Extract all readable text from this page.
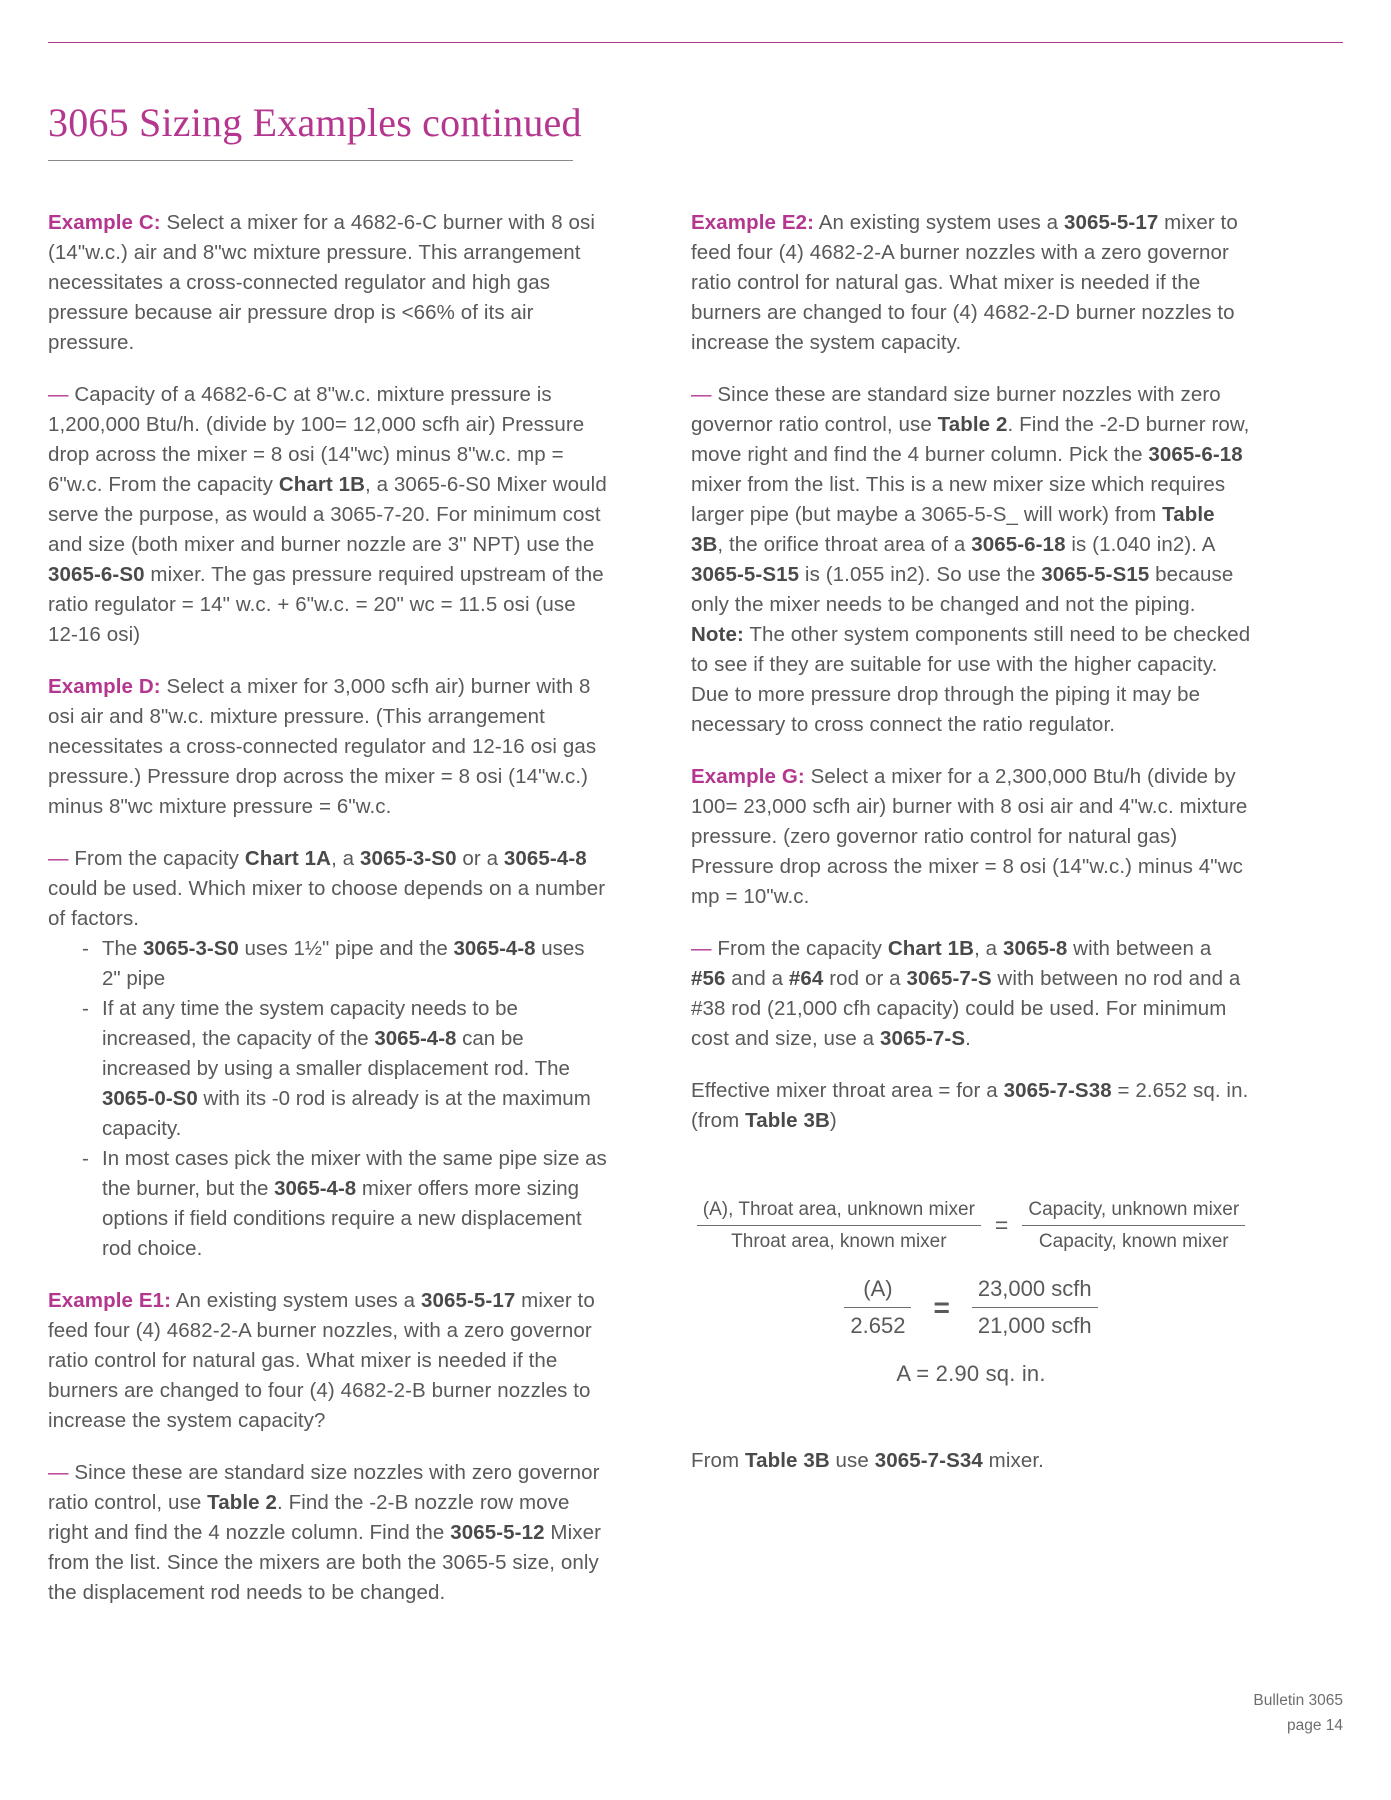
3065 Sizing Examples continued

Example C: Select a mixer for a 4682-6-C burner with 8 osi (14"w.c.) air and 8"wc mixture pressure. This arrangement necessitates a cross-connected regulator and high gas pressure because air pressure drop is <66% of its air pressure.

— Capacity of a 4682-6-C at 8"w.c. mixture pressure is 1,200,000 Btu/h. (divide by 100= 12,000 scfh air) Pressure drop across the mixer = 8 osi (14"wc) minus 8"w.c. mp = 6"w.c. From the capacity Chart 1B, a 3065-6-S0 Mixer would serve the purpose, as would a 3065-7-20. For minimum cost and size (both mixer and burner nozzle are 3" NPT) use the 3065-6-S0 mixer. The gas pressure required upstream of the ratio regulator = 14" w.c. + 6"w.c. = 20" wc = 11.5 osi (use 12-16 osi)

Example D: Select a mixer for 3,000 scfh air) burner with 8 osi air and 8"w.c. mixture pressure. (This arrangement necessitates a cross-connected regulator and 12-16 osi gas pressure.) Pressure drop across the mixer = 8 osi (14"w.c.) minus 8"wc mixture pressure = 6"w.c.

— From the capacity Chart 1A, a 3065-3-S0 or a 3065-4-8 could be used. Which mixer to choose depends on a number of factors.

- The 3065-3-S0 uses 1½" pipe and the 3065-4-8 uses 2" pipe
- If at any time the system capacity needs to be increased, the capacity of the 3065-4-8 can be increased by using a smaller displacement rod. The 3065-0-S0 with its -0 rod is already is at the maximum capacity.
- In most cases pick the mixer with the same pipe size as the burner, but the 3065-4-8 mixer offers more sizing options if field conditions require a new displacement rod choice.

Example E1: An existing system uses a 3065-5-17 mixer to feed four (4) 4682-2-A burner nozzles, with a zero governor ratio control for natural gas. What mixer is needed if the burners are changed to four (4) 4682-2-B burner nozzles to increase the system capacity?

— Since these are standard size nozzles with zero governor ratio control, use Table 2. Find the -2-B nozzle row move right and find the 4 nozzle column. Find the 3065-5-12 Mixer from the list. Since the mixers are both the 3065-5 size, only the displacement rod needs to be changed.

Example E2: An existing system uses a 3065-5-17 mixer to feed four (4) 4682-2-A burner nozzles with a zero governor ratio control for natural gas. What mixer is needed if the burners are changed to four (4) 4682-2-D burner nozzles to increase the system capacity.

— Since these are standard size burner nozzles with zero governor ratio control, use Table 2. Find the -2-D burner row, move right and find the 4 burner column. Pick the 3065-6-18 mixer from the list. This is a new mixer size which requires larger pipe (but maybe a 3065-5-S_ will work) from Table 3B, the orifice throat area of a 3065-6-18 is (1.040 in2). A 3065-5-S15 is (1.055 in2). So use the 3065-5-S15 because only the mixer needs to be changed and not the piping. Note: The other system components still need to be checked to see if they are suitable for use with the higher capacity. Due to more pressure drop through the piping it may be necessary to cross connect the ratio regulator.

Example G: Select a mixer for a 2,300,000 Btu/h (divide by 100= 23,000 scfh air) burner with 8 osi air and 4"w.c. mixture pressure. (zero governor ratio control for natural gas) Pressure drop across the mixer = 8 osi (14"w.c.) minus 4"wc mp = 10"w.c.

— From the capacity Chart 1B, a 3065-8 with between a #56 and a #64 rod or a 3065-7-S with between no rod and a #38 rod (21,000 cfh capacity) could be used. For minimum cost and size, use a 3065-7-S.

Effective mixer throat area = for a 3065-7-S38 = 2.652 sq. in. (from Table 3B)

$\frac{\text{(A), Throat area, unknown mixer}}{\text{Throat area, known mixer}} = \frac{\text{Capacity, unknown mixer}}{\text{Capacity, known mixer}}$
$\frac{(A)}{2.652} = \frac{\text{23,000 scfh}}{\text{21,000 scfh}}$
A = 2.90 sq. in.

From Table 3B use 3065-7-S34 mixer.

Bulletin 3065
page 14
